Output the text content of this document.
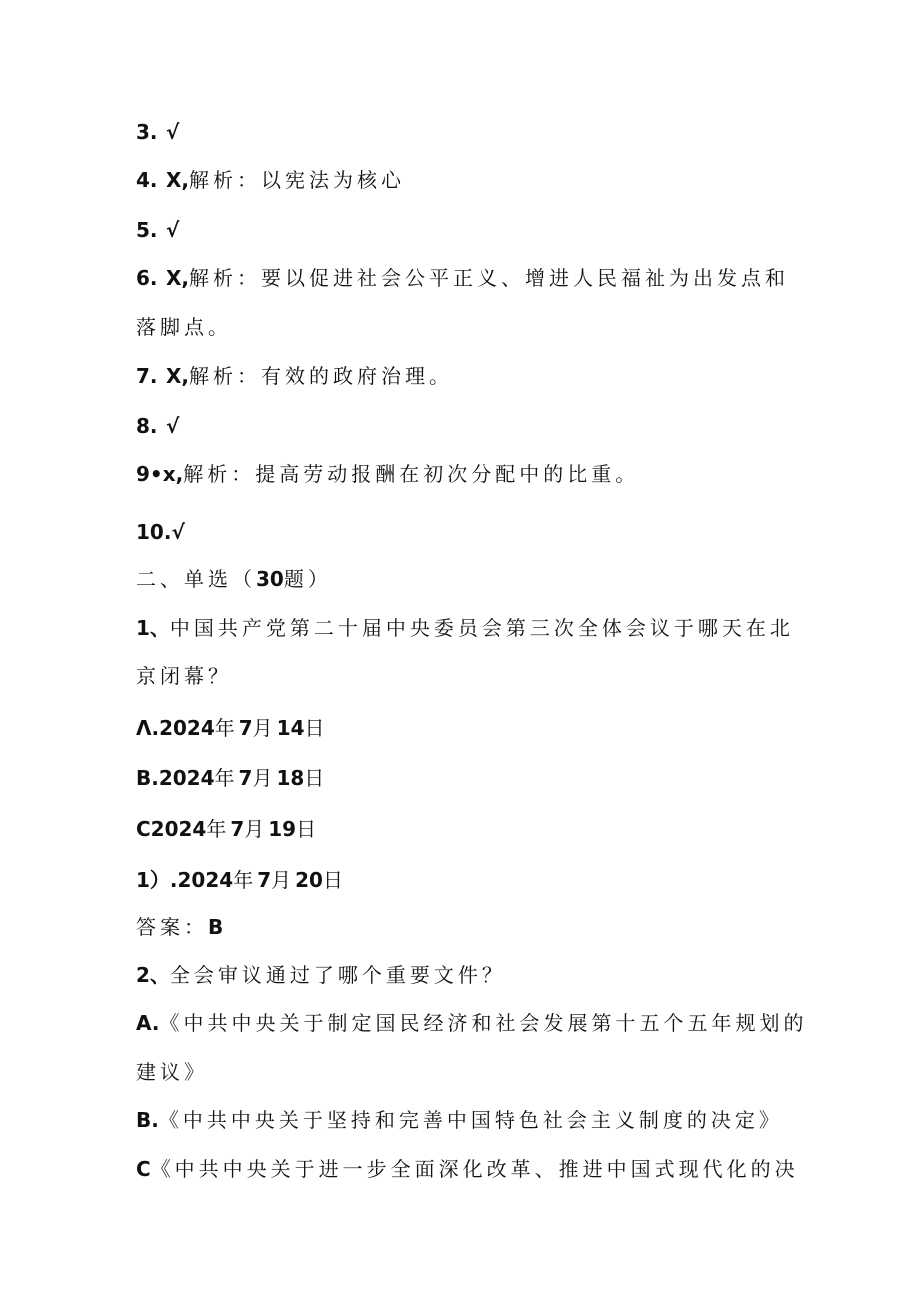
3. √
4. X,解析：以宪法为核心
5. √
6. X,解析：要以促进社会公平正义、增进人民福祉为出发点和
落脚点。
7. X,解析：有效的政府治理。
8. √
9•x,解析：提高劳动报酬在初次分配中的比重。
10.√
二、单选（30题）
1、中国共产党第二十届中央委员会第三次全体会议于哪天在北
京闭幕？
Λ.2024年7月14日
B.2024年7月18日
C2024年7月19日
1）.2024年7月20日
答案：B
2、全会审议通过了哪个重要文件？
A.《中共中央关于制定国民经济和社会发展第十五个五年规划的
建议》
B.《中共中央关于坚持和完善中国特色社会主义制度的决定》
C《中共中央关于进一步全面深化改革、推进中国式现代化的决
